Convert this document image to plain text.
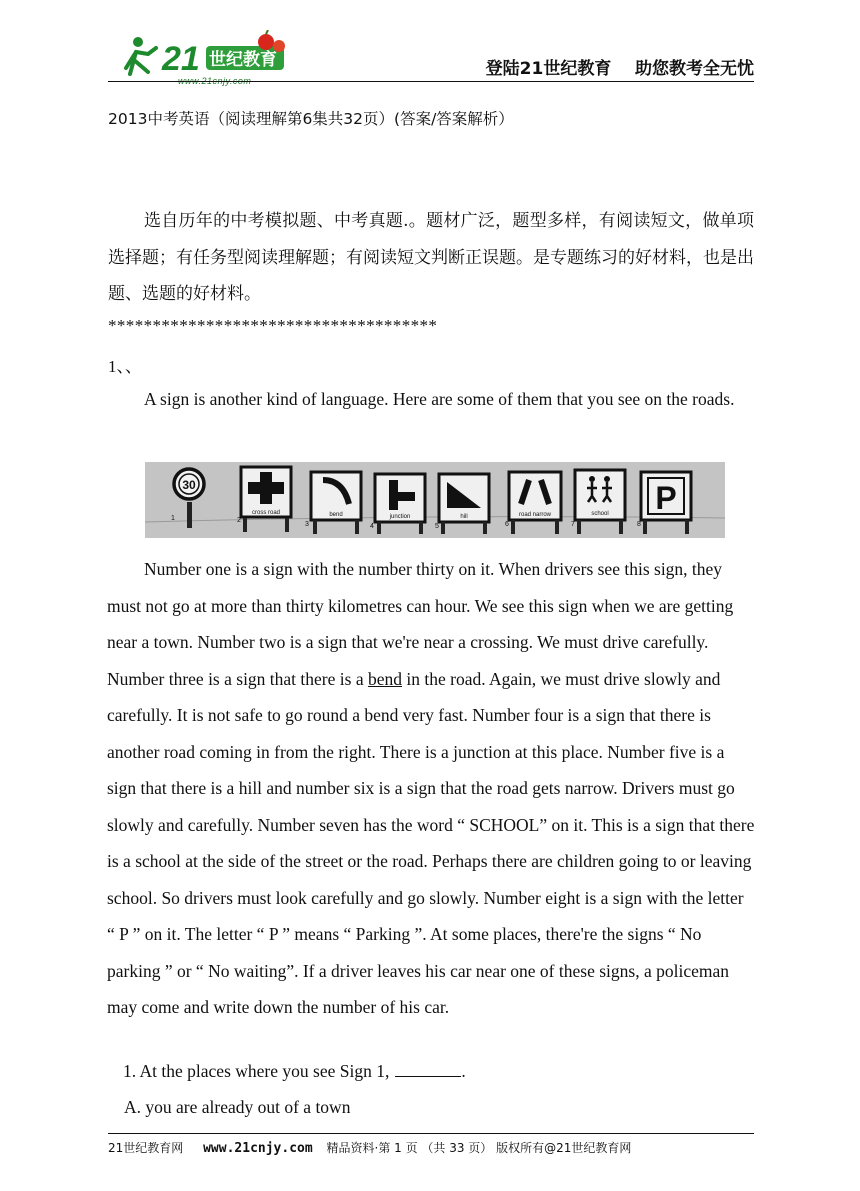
21 世纪教育
www.21cnjy.com
登陆21世纪教育    助您教考全无忧
2013中考英语（阅读理解第6集共32页）(答案/答案解析）
选自历年的中考模拟题、中考真题.。题材广泛，题型多样，有阅读短文，做单项选择题；有任务型阅读理解题；有阅读短文判断正误题。是专题练习的好材料，也是出题、选题的好材料。
*************************************
1、、
A sign is another kind of language. Here are some of them that you see on the roads.
30
1
cross road
2
bend
3
junction
4
hill
5
road narrow
6
school
7
P
8
Number one is a sign with the number thirty on it. When drivers see this sign, they must not go at more than thirty kilometres can hour. We see this sign when we are getting near a town. Number two is a sign that we're near a crossing. We must drive carefully. Number three is a sign that there is a bend in the road. Again, we must drive slowly and carefully. It is not safe to go round a bend very fast. Number four is a sign that there is another road coming in from the right. There is a junction at this place. Number five is a sign that there is a hill and number six is a sign that the road gets narrow. Drivers must go slowly and carefully. Number seven has the word “ SCHOOL” on it. This is a sign that there is a school at the side of the street or the road. Perhaps there are children going to or leaving school. So drivers must look carefully and go slowly. Number eight is a sign with the letter “ P ” on it. The letter “ P ” means “ Parking ”. At some places, there're the signs “ No parking ” or “ No waiting”. If a driver leaves his car near one of these signs, a policeman may come and write down the number of his car.
1. At the places where you see Sign 1,	.
A. you are already out of a town
21世纪教育网 www.21cnjy.com 精品资料·第 1 页 （共 33 页） 版权所有@21世纪教育网
